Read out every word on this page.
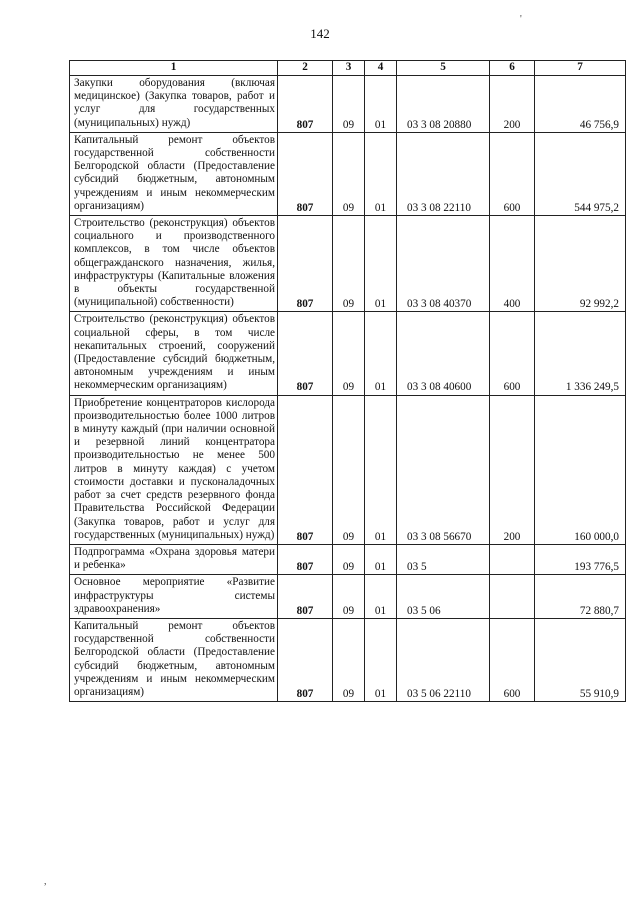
142
'
,
1	2	3	4	5	6	7
Закупки оборудования (включая медицинское) (Закупка товаров, работ и услуг для государственных (муниципальных) нужд)	807	09	01	03 3 08 20880	200	46 756,9
Капитальный ремонт объектов государственной собственности Белгородской области (Предоставление субсидий бюджетным, автономным учреждениям и иным некоммерческим организациям)	807	09	01	03 3 08 22110	600	544 975,2
Строительство (реконструкция) объектов социального и производственного комплексов, в том числе объектов общегражданского назначения, жилья, инфраструктуры (Капитальные вложения в объекты государственной (муниципальной) собственности)	807	09	01	03 3 08 40370	400	92 992,2
Строительство (реконструкция) объектов социальной сферы, в том числе некапитальных строений, сооружений (Предоставление субсидий бюджетным, автономным учреждениям и иным некоммерческим организациям)	807	09	01	03 3 08 40600	600	1 336 249,5
Приобретение концентраторов кислорода производительностью более 1000 литров в минуту каждый (при наличии основной и резервной линий концентратора производительностью не менее 500 литров в минуту каждая) с учетом стоимости доставки и пусконаладочных работ за счет средств резервного фонда Правительства Российской Федерации (Закупка товаров, работ и услуг для государственных (муниципальных) нужд)	807	09	01	03 3 08 56670	200	160 000,0
Подпрограмма «Охрана здоровья матери и ребенка»	807	09	01	03 5		193 776,5
Основное мероприятие «Развитие инфраструктуры системы здравоохранения»	807	09	01	03 5 06		72 880,7
Капитальный ремонт объектов государственной собственности Белгородской области (Предоставление субсидий бюджетным, автономным учреждениям и иным некоммерческим организациям)	807	09	01	03 5 06 22110	600	55 910,9
